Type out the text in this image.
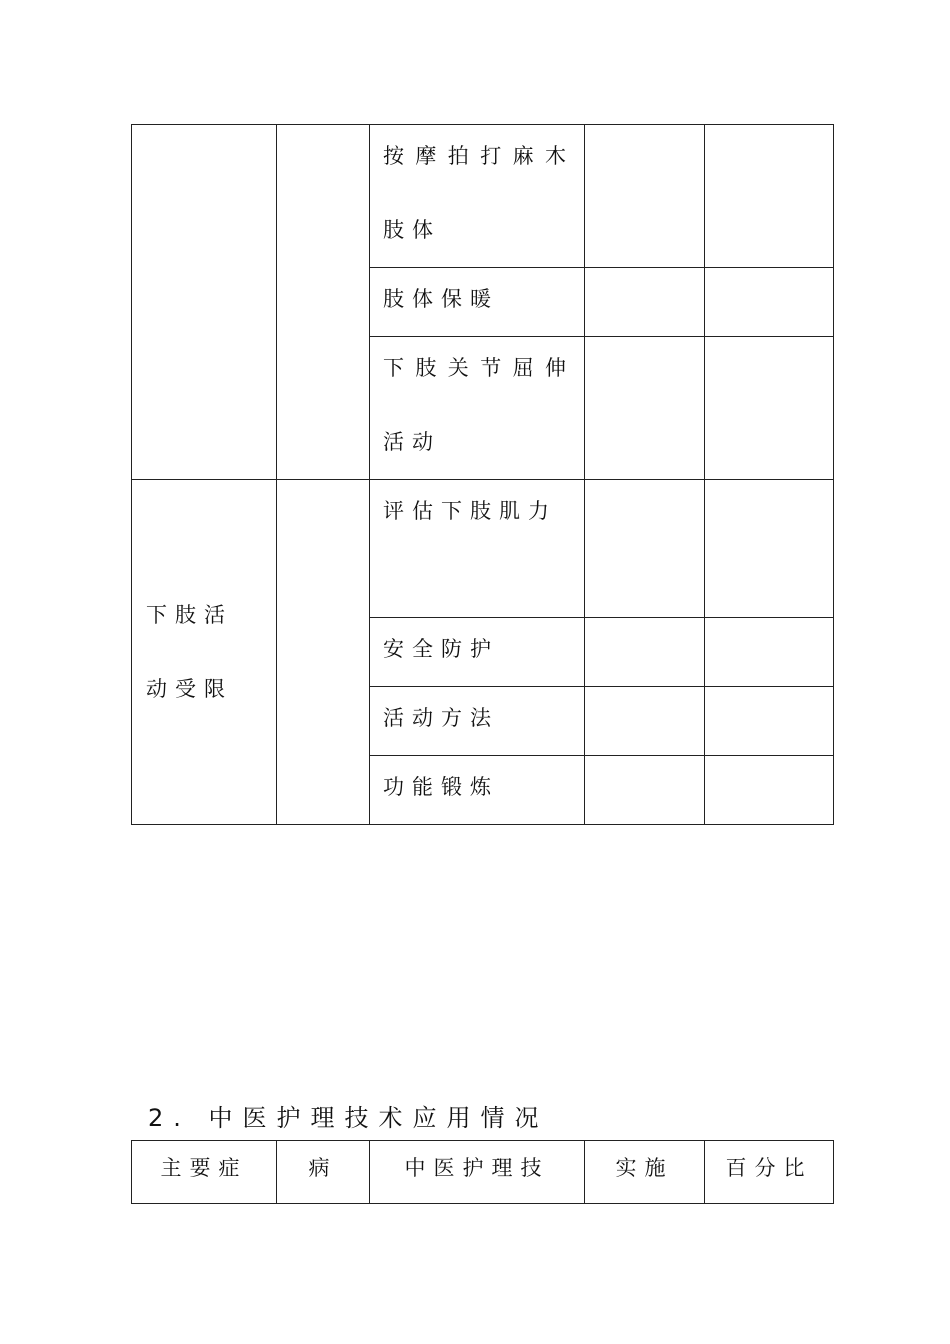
		按摩拍打麻木肢体		

		肢体保暖		

		下肢关节屈伸活动		

下肢活动受限		评估下肢肌力		

		安全防护		

		活动方法		

		功能锻炼		

2. 中医护理技术应用情况
主要症	病	中医护理技	实施	百分比
